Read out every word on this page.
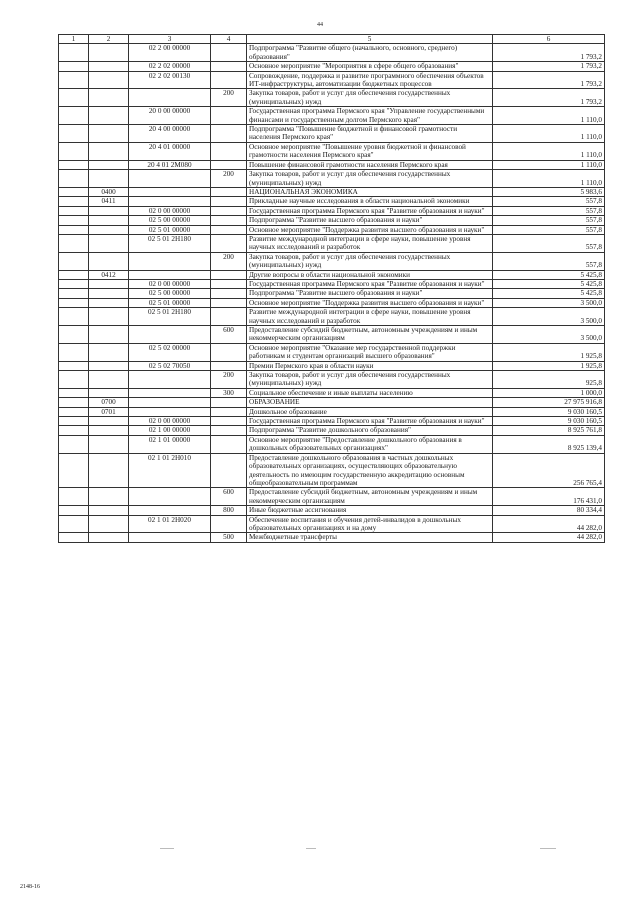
44
1	2	3	4	5	6
		02 2 00 00000		Подпрограмма "Развитие общего (начального, основного, среднего) образования"	1 793,2
		02 2 02 00000		Основное мероприятие "Мероприятия в сфере общего образования"	1 793,2
		02 2 02 00130		Сопровождение, поддержка и развитие программного обеспечения объектов ИТ-инфраструктуры, автоматизации бюджетных процессов	1 793,2
			200	Закупка товаров, работ и услуг для обеспечения государственных (муниципальных) нужд	1 793,2
		20 0 00 00000		Государственная программа Пермского края "Управление государственными финансами и государственным долгом Пермского края"	1 110,0
		20 4 00 00000		Подпрограмма "Повышение бюджетной и финансовой грамотности населения Пермского края"	1 110,0
		20 4 01 00000		Основное мероприятие "Повышение уровня бюджетной и финансовой грамотности населения Пермского края"	1 110,0
		20 4 01 2М080		Повышение финансовой грамотности населения Пермского края	1 110,0
			200	Закупка товаров, работ и услуг для обеспечения государственных (муниципальных) нужд	1 110,0
	0400			НАЦИОНАЛЬНАЯ ЭКОНОМИКА	5 983,6
	0411			Прикладные научные исследования в области национальной экономики	557,8
		02 0 00 00000		Государственная программа Пермского края "Развитие образования и науки"	557,8
		02 5 00 00000		Подпрограмма "Развитие высшего образования и науки"	557,8
		02 5 01 00000		Основное мероприятие "Поддержка развития высшего образования и науки"	557,8
		02 5 01 2Н180		Развитие международной интеграции в сфере науки, повышение уровня научных исследований и разработок	557,8
			200	Закупка товаров, работ и услуг для обеспечения государственных (муниципальных) нужд	557,8
	0412			Другие вопросы в области национальной экономики	5 425,8
		02 0 00 00000		Государственная программа Пермского края "Развитие образования и науки"	5 425,8
		02 5 00 00000		Подпрограмма "Развитие высшего образования и науки"	5 425,8
		02 5 01 00000		Основное мероприятие "Поддержка развития высшего образования и науки"	3 500,0
		02 5 01 2Н180		Развитие международной интеграции в сфере науки, повышение уровня научных исследований и разработок	3 500,0
			600	Предоставление субсидий бюджетным, автономным учреждениям и иным некоммерческим организациям	3 500,0
		02 5 02 00000		Основное мероприятие "Оказание мер государственной поддержки работникам и студентам организаций высшего образования"	1 925,8
		02 5 02 70050		Премии Пермского края в области науки	1 925,8
			200	Закупка товаров, работ и услуг для обеспечения государственных (муниципальных) нужд	925,8
			300	Социальное обеспечение и иные выплаты населению	1 000,0
	0700			ОБРАЗОВАНИЕ	27 975 916,8
	0701			Дошкольное образование	9 030 160,5
		02 0 00 00000		Государственная программа Пермского края "Развитие образования и науки"	9 030 160,5
		02 1 00 00000		Подпрограмма "Развитие дошкольного образования"	8 925 761,8
		02 1 01 00000		Основное мероприятие "Предоставление дошкольного образования в дошкольных образовательных организациях"	8 925 139,4
		02 1 01 2Н010		Предоставление дошкольного образования в частных дошкольных образовательных организациях, осуществляющих образовательную деятельность по имеющим государственную аккредитацию основным общеобразовательным программам	256 765,4
			600	Предоставление субсидий бюджетным, автономным учреждениям и иным некоммерческим организациям	176 431,0
			800	Иные бюджетные ассигнования	80 334,4
		02 1 01 2Н020		Обеспечение воспитания и обучения детей-инвалидов в дошкольных образовательных организациях и на дому	44 282,0
			500	Межбюджетные трансферты	44 282,0
2148-16
